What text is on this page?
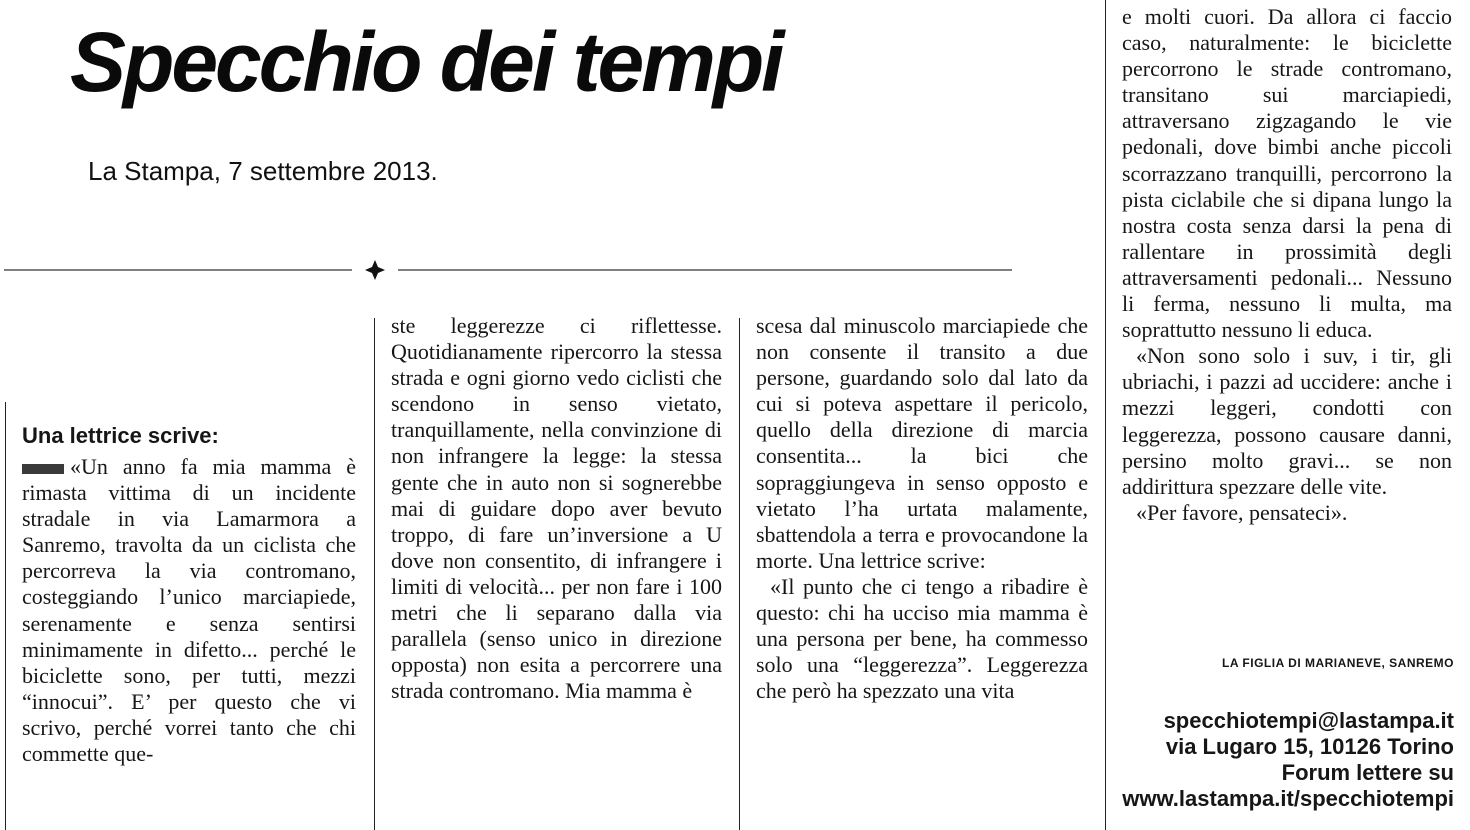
Specchio dei tempi
La Stampa, 7 settembre 2013.
Una lettrice scrive:

«Un anno fa mia mamma è rimasta vittima di un incidente stradale in via Lamarmora a Sanremo, travolta da un ciclista che percorreva la via contromano, costeggiando l’unico marciapiede, serenamente e senza sentirsi minimamente in difetto... perché le biciclette sono, per tutti, mezzi “innocui”. E’ per questo che vi scrivo, perché vorrei tanto che chi commette que-

ste leggerezze ci riflettesse. Quotidianamente ripercorro la stessa strada e ogni giorno vedo ciclisti che scendono in senso vietato, tranquillamente, nella convinzione di non infrangere la legge: la stessa gente che in auto non si sognerebbe mai di guidare dopo aver bevuto troppo, di fare un’inversione a U dove non consentito, di infrangere i limiti di velocità... per non fare i 100 metri che li separano dalla via parallela (senso unico in direzione opposta) non esita a percorrere una strada contromano. Mia mamma è

scesa dal minuscolo marciapiede che non consente il transito a due persone, guardando solo dal lato da cui si poteva aspettare il pericolo, quello della direzione di marcia consentita... la bici che sopraggiungeva in senso opposto e vietato l’ha urtata malamente, sbattendola a terra e provocandone la morte. Una lettrice scrive:

«Il punto che ci tengo a ribadire è questo: chi ha ucciso mia mamma è una persona per bene, ha commesso solo una “leggerezza”. Leggerezza che però ha spezzato una vita

e molti cuori. Da allora ci faccio caso, naturalmente: le biciclette percorrono le strade contromano, transitano sui marciapiedi, attraversano zigzagando le vie pedonali, dove bimbi anche piccoli scorrazzano tranquilli, percorrono la pista ciclabile che si dipana lungo la nostra costa senza darsi la pena di rallentare in prossimità degli attraversamenti pedonali... Nessuno li ferma, nessuno li multa, ma soprattutto nessuno li educa.

«Non sono solo i suv, i tir, gli ubriachi, i pazzi ad uccidere: anche i mezzi leggeri, condotti con leggerezza, possono causare danni, persino molto gravi... se non addirittura spezzare delle vite.

«Per favore, pensateci».

LA FIGLIA DI MARIANEVE, SANREMO
specchiotempi@lastampa.it
via Lugaro 15, 10126 Torino
Forum lettere su
www.lastampa.it/specchiotempi
